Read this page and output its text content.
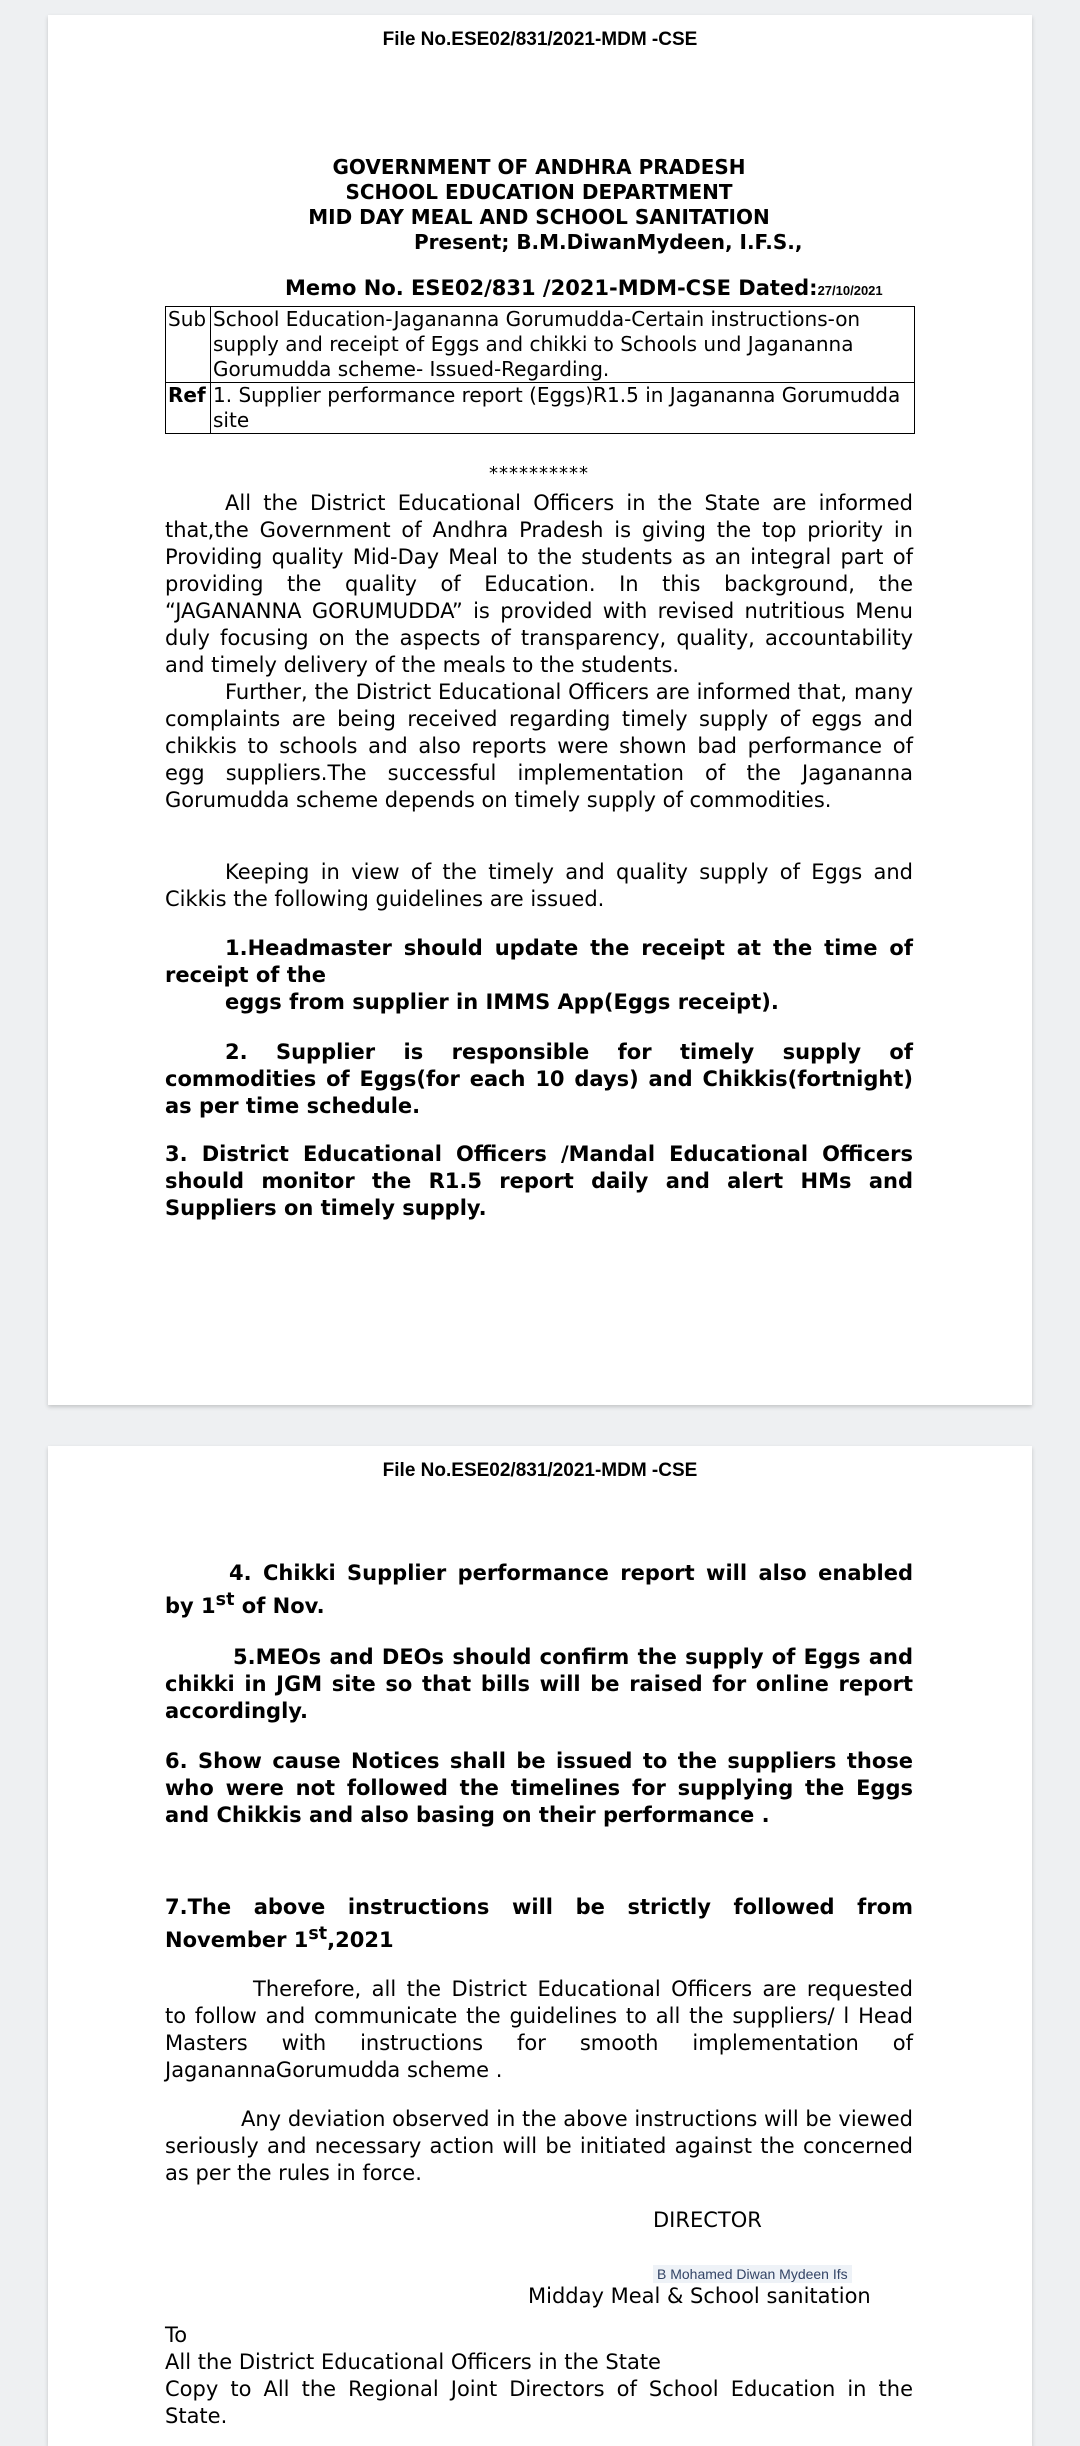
File No.ESE02/831/2021-MDM -CSE
GOVERNMENT OF ANDHRA PRADESH
SCHOOL EDUCATION DEPARTMENT
MID DAY MEAL AND SCHOOL SANITATION
Present; B.M.DiwanMydeen, I.F.S.,
Memo No. ESE02/831 /2021-MDM-CSE Dated:27/10/2021
Sub	School Education-Jagananna Gorumudda-Certain instructions-on supply and receipt of Eggs and chikki to Schools und Jagananna Gorumudda scheme- Issued-Regarding.
Ref	1. Supplier performance report (Eggs)R1.5 in Jagananna Gorumudda site
**********

All the District Educational Officers in the State are informed that,the Government of Andhra Pradesh is giving the top priority in Providing quality Mid-Day Meal to the students as an integral part of providing the quality of Education. In this background, the “JAGANANNA GORUMUDDA” is provided with revised nutritious Menu duly focusing on the aspects of transparency, quality, accountability and timely delivery of the meals to the students.

Further, the District Educational Officers are informed that, many complaints are being received regarding timely supply of eggs and chikkis to schools and also reports were shown bad performance of egg suppliers.The successful implementation of the Jagananna Gorumudda scheme depends on timely supply of commodities.

Keeping in view of the timely and quality supply of Eggs and Cikkis the following guidelines are issued.

1.Headmaster should update the receipt at the time of receipt of the

eggs from supplier in IMMS App(Eggs receipt).

2. Supplier is responsible for timely supply of commodities of Eggs(for each 10 days) and Chikkis(fortnight) as per time schedule.

3. District Educational Officers /Mandal Educational Officers should monitor the R1.5 report daily and alert HMs and Suppliers on timely supply.

File No.ESE02/831/2021-MDM -CSE

4. Chikki Supplier performance report will also enabled by 1st of Nov.

5.MEOs and DEOs should confirm the supply of Eggs and chikki in JGM site so that bills will be raised for online report accordingly.

6. Show cause Notices shall be issued to the suppliers those who were not followed the timelines for supplying the Eggs and Chikkis and also basing on their performance .

7.The above instructions will be strictly followed from November 1st,2021

Therefore, all the District Educational Officers are requested to follow and communicate the guidelines to all the suppliers/ l Head Masters with instructions for smooth implementation of JaganannaGorumudda scheme .

Any deviation observed in the above instructions will be viewed seriously and necessary action will be initiated against the concerned as per the rules in force.

DIRECTOR
B Mohamed Diwan Mydeen Ifs
Midday Meal & School sanitation

To

All the District Educational Officers in the State

Copy to All the Regional Joint Directors of School Education in the State.
